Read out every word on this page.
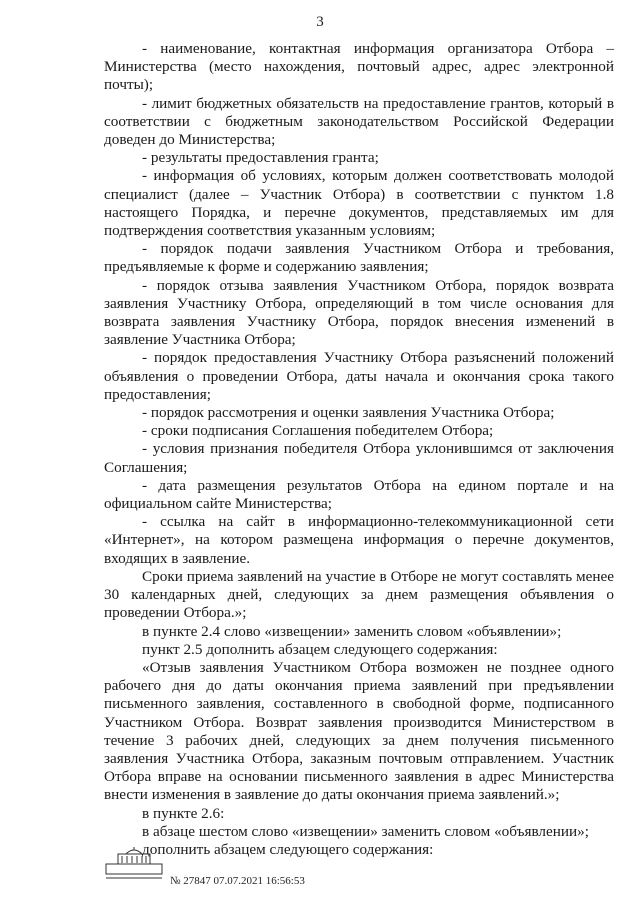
3

- наименование, контактная информация организатора Отбора – Министерства (место нахождения, почтовый адрес, адрес электронной почты);

- лимит бюджетных обязательств на предоставление грантов, который в соответствии с бюджетным законодательством Российской Федерации доведен до Министерства;

- результаты предоставления гранта;

- информация об условиях, которым должен соответствовать молодой специалист (далее – Участник Отбора) в соответствии с пунктом 1.8 настоящего Порядка, и перечне документов, представляемых им для подтверждения соответствия указанным условиям;

- порядок подачи заявления Участником Отбора и требования, предъявляемые к форме и содержанию заявления;

- порядок отзыва заявления Участником Отбора, порядок возврата заявления Участнику Отбора, определяющий в том числе основания для возврата заявления Участнику Отбора, порядок внесения изменений в заявление Участника Отбора;

- порядок предоставления Участнику Отбора разъяснений положений объявления о проведении Отбора, даты начала и окончания срока такого предоставления;

- порядок рассмотрения и оценки заявления Участника Отбора;

- сроки подписания Соглашения победителем Отбора;

- условия признания победителя Отбора уклонившимся от заключения Соглашения;

- дата размещения результатов Отбора на едином портале и на официальном сайте Министерства;

- ссылка на сайт в информационно-телекоммуникационной сети «Интернет», на котором размещена информация о перечне документов, входящих в заявление.

Сроки приема заявлений на участие в Отборе не могут составлять менее 30 календарных дней, следующих за днем размещения объявления о проведении Отбора.»;

в пункте 2.4 слово «извещении» заменить словом «объявлении»;

пункт 2.5 дополнить абзацем следующего содержания:

«Отзыв заявления Участником Отбора возможен не позднее одного рабочего дня до даты окончания приема заявлений при предъявлении письменного заявления, составленного в свободной форме, подписанного Участником Отбора. Возврат заявления производится Министерством в течение 3 рабочих дней, следующих за днем получения письменного заявления Участника Отбора, заказным почтовым отправлением. Участник Отбора вправе на основании письменного заявления в адрес Министерства внести изменения в заявление до даты окончания приема заявлений.»;

в пункте 2.6:

в абзаце шестом слово «извещении» заменить словом «объявлении»;

дополнить абзацем следующего содержания:

№ 27847 07.07.2021 16:56:53
